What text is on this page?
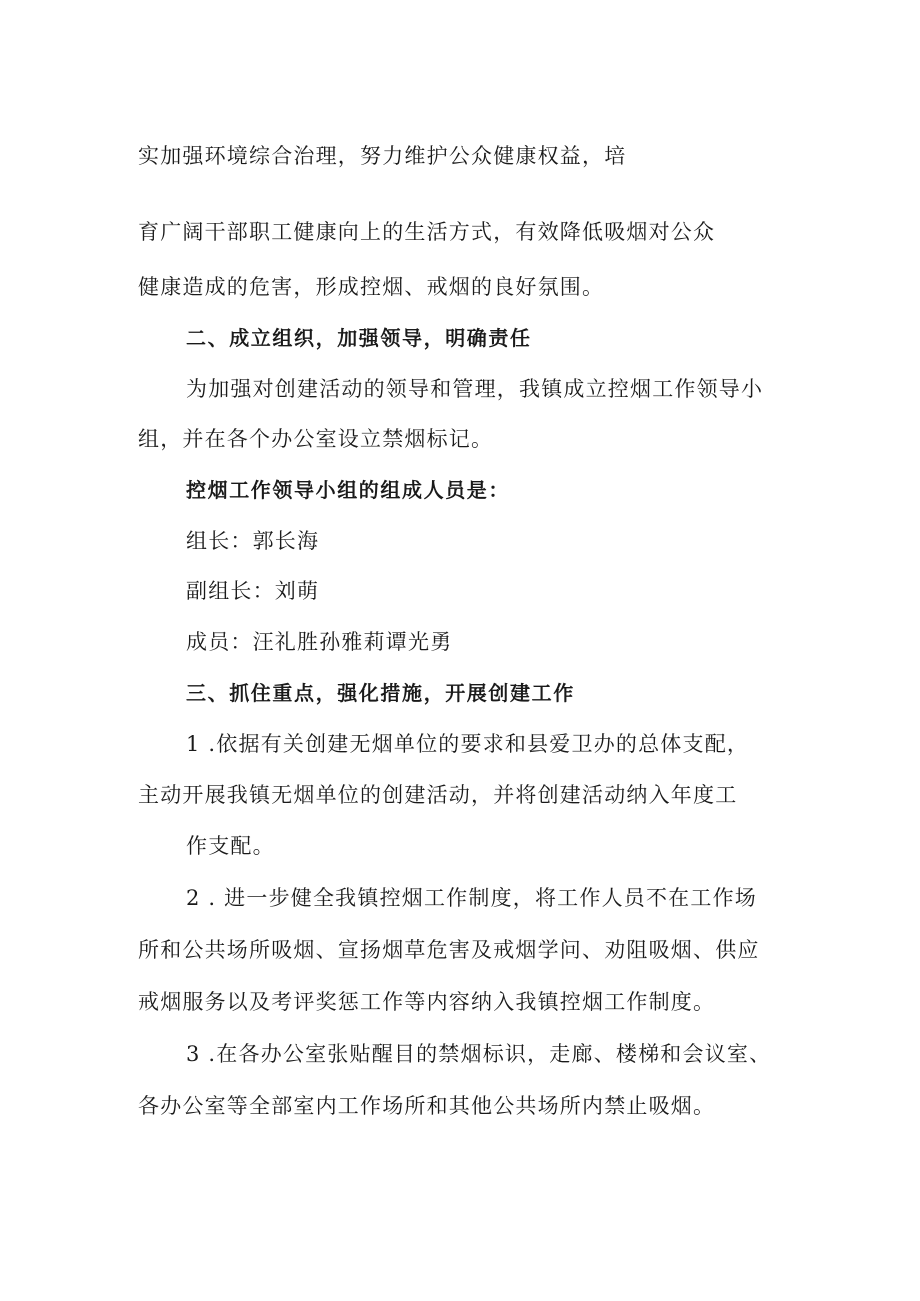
实加强环境综合治理，努力维护公众健康权益，培
育广阔干部职工健康向上的生活方式，有效降低吸烟对公众
健康造成的危害，形成控烟、戒烟的良好氛围。
二、成立组织，加强领导，明确责任
为加强对创建活动的领导和管理，我镇成立控烟工作领导小
组，并在各个办公室设立禁烟标记。
控烟工作领导小组的组成人员是：
组长：郭长海
副组长：刘萌
成员：汪礼胜孙雅莉谭光勇
三、抓住重点，强化措施，开展创建工作
1 .依据有关创建无烟单位的要求和县爱卫办的总体支配，
主动开展我镇无烟单位的创建活动，并将创建活动纳入年度工
作支配。
2 . 进一步健全我镇控烟工作制度，将工作人员不在工作场
所和公共场所吸烟、宣扬烟草危害及戒烟学问、劝阻吸烟、供应
戒烟服务以及考评奖惩工作等内容纳入我镇控烟工作制度。
3 .在各办公室张贴醒目的禁烟标识，走廊、楼梯和会议室、
各办公室等全部室内工作场所和其他公共场所内禁止吸烟。
